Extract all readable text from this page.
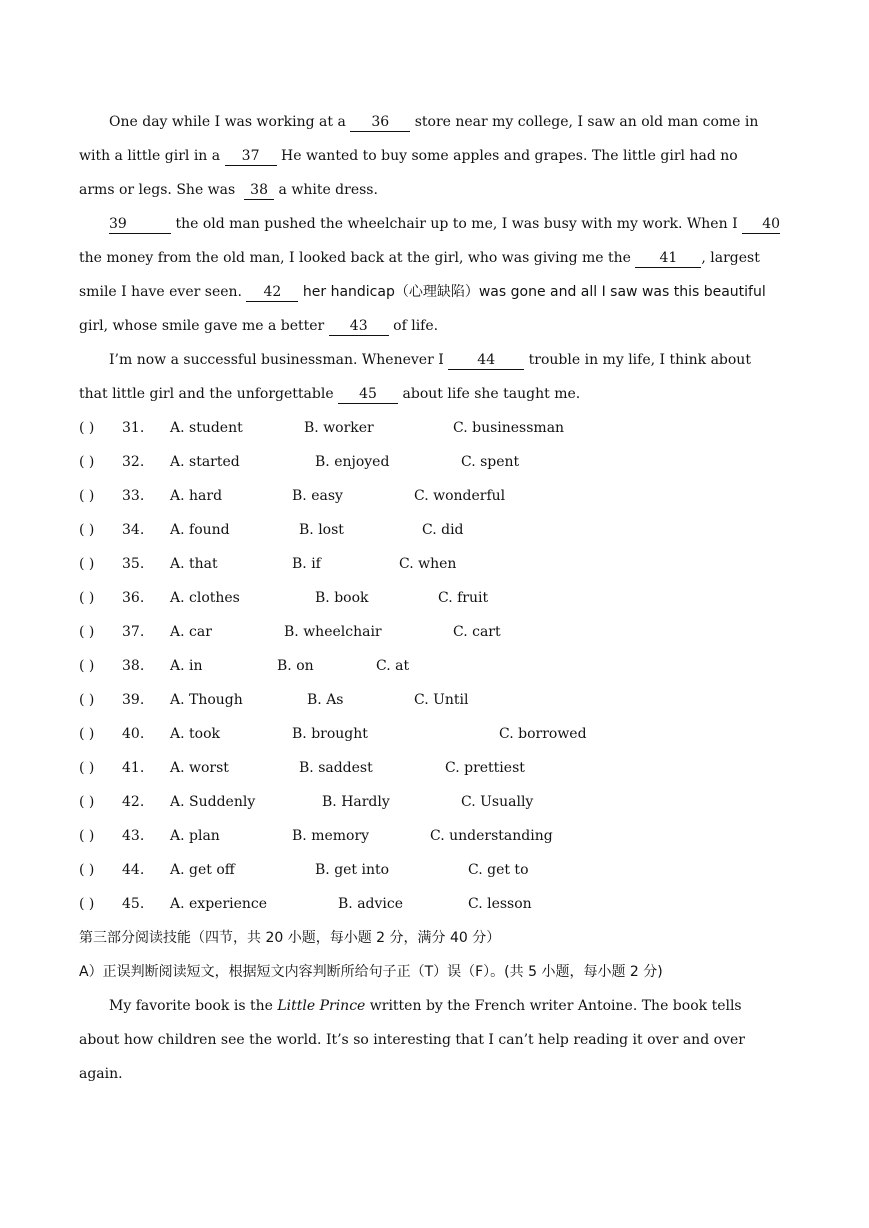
One day while I was working at a 36 store near my college, I saw an old man come in
with a little girl in a 37 He wanted to buy some apples and grapes. The little girl had no
arms or legs. She was 38 a white dress.
39	the old man pushed the wheelchair up to me, I was busy with my work. When I 40
the money from the old man, I looked back at the girl, who was giving me the 41 , largest
smile I have ever seen. 42 her handicap（心理缺陷）was gone and all I saw was this beautiful
girl, whose smile gave me a better 43 of life.
I’m now a successful businessman. Whenever I 44 trouble in my life, I think about
that little girl and the unforgettable 45 about life she taught me.
( ) 31. A. student	B. worker	C. businessman
( ) 32. A. started	B. enjoyed	C. spent
( ) 33. A. hard	B. easy	C. wonderful
( ) 34. A. found	B. lost	C. did
( ) 35. A. that	B. if	C. when
( ) 36. A. clothes	B. book	C. fruit
( ) 37. A. car	B. wheelchair	C. cart
( ) 38. A. in	B. on	C. at
( ) 39. A. Though	B. As	C. Until
( ) 40. A. took	B. brought	C. borrowed
( ) 41. A. worst	B. saddest	C. prettiest
( ) 42. A. Suddenly	B. Hardly	C. Usually
( ) 43. A. plan	B. memory	C. understanding
( ) 44. A. get off	B. get into	C. get to
( ) 45. A. experience	B. advice	C. lesson
第三部分阅读技能（四节，共 20 小题，每小题 2 分，满分 40 分）
A）正误判断阅读短文，根据短文内容判断所给句子正（T）误（F）。(共 5 小题，每小题 2 分)
My favorite book is the Little Prince written by the French writer Antoine. The book tells
about how children see the world. It’s so interesting that I can’t help reading it over and over
again.
